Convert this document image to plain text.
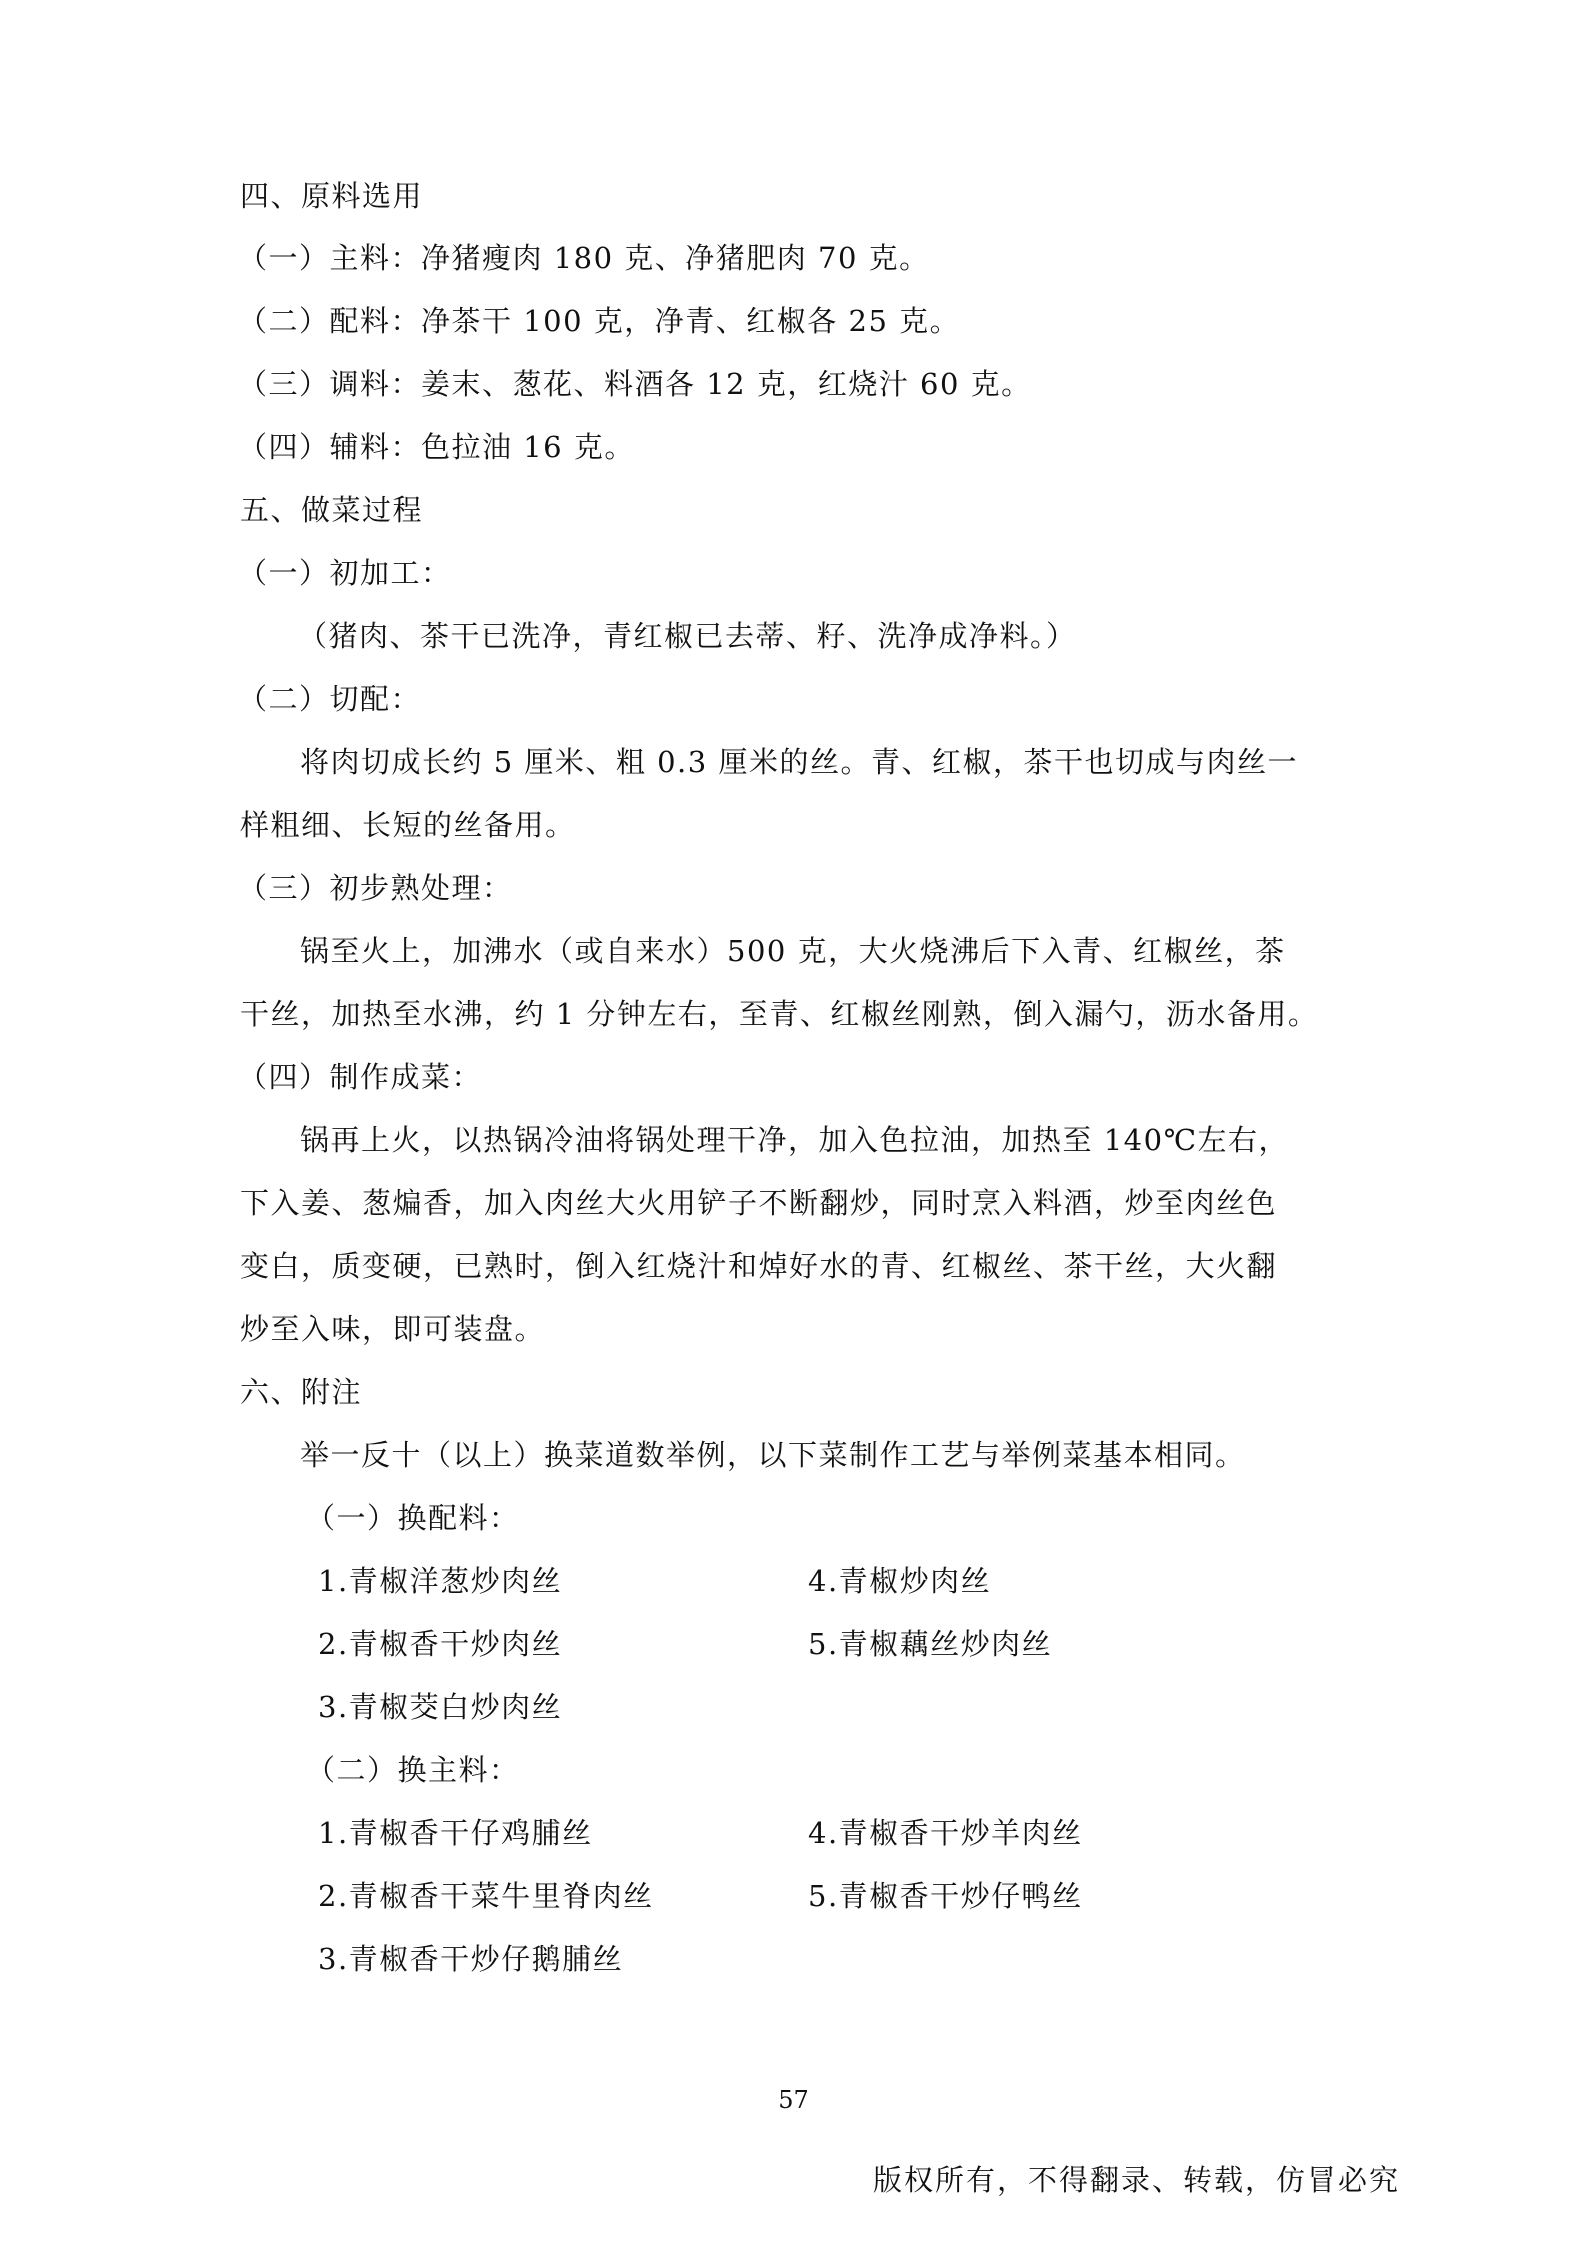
四、原料选用
（一）主料：净猪瘦肉 180 克、净猪肥肉 70 克。
（二）配料：净茶干 100 克，净青、红椒各 25 克。
（三）调料：姜末、葱花、料酒各 12 克，红烧汁 60 克。
（四）辅料：色拉油 16 克。
五、做菜过程
（一）初加工：
（猪肉、茶干已洗净，青红椒已去蒂、籽、洗净成净料。）
（二）切配：
将肉切成长约 5 厘米、粗 0.3 厘米的丝。青、红椒，茶干也切成与肉丝一
样粗细、长短的丝备用。
（三）初步熟处理：
锅至火上，加沸水（或自来水）500 克，大火烧沸后下入青、红椒丝，茶
干丝，加热至水沸，约 1 分钟左右，至青、红椒丝刚熟，倒入漏勺，沥水备用。
（四）制作成菜：
锅再上火，以热锅冷油将锅处理干净，加入色拉油，加热至 140℃左右，
下入姜、葱煸香，加入肉丝大火用铲子不断翻炒，同时烹入料酒，炒至肉丝色
变白，质变硬，已熟时，倒入红烧汁和焯好水的青、红椒丝、茶干丝，大火翻
炒至入味，即可装盘。
六、附注
举一反十（以上）换菜道数举例，以下菜制作工艺与举例菜基本相同。
（一）换配料：
1.青椒洋葱炒肉丝	4.青椒炒肉丝
2.青椒香干炒肉丝	5.青椒藕丝炒肉丝
3.青椒茭白炒肉丝
（二）换主料：
1.青椒香干仔鸡脯丝	4.青椒香干炒羊肉丝
2.青椒香干菜牛里脊肉丝	5.青椒香干炒仔鸭丝
3.青椒香干炒仔鹅脯丝
57
版权所有，不得翻录、转载，仿冒必究
